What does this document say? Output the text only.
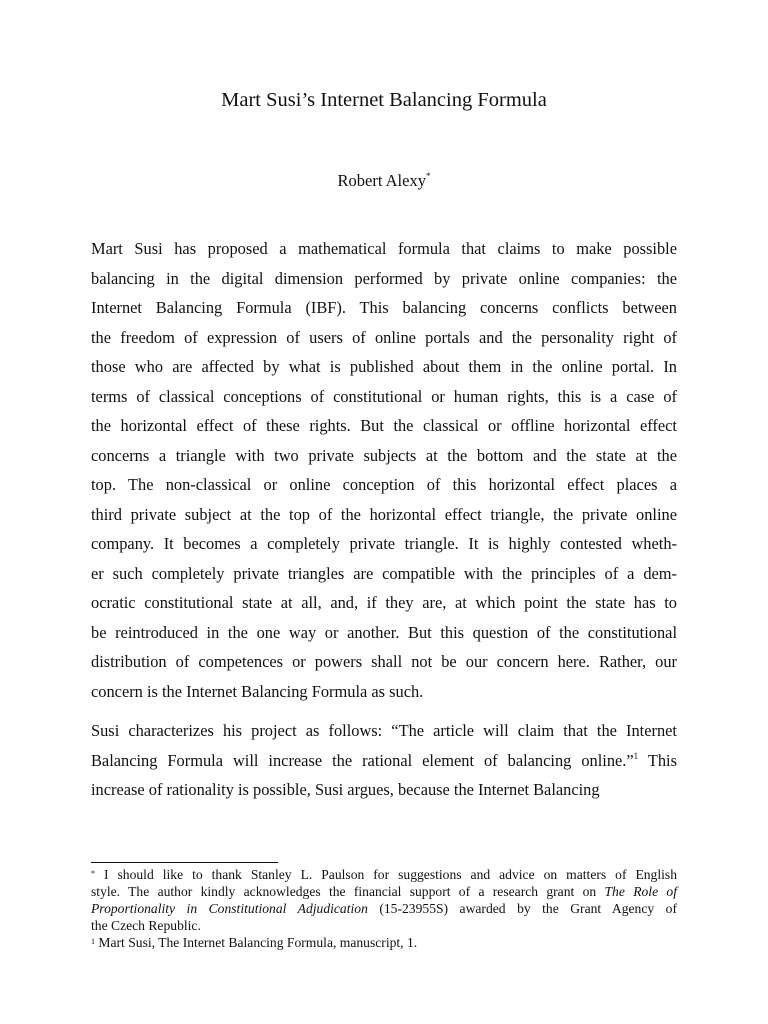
Mart Susi’s Internet Balancing Formula
Robert Alexy*
Mart Susi has proposed a mathematical formula that claims to make possible
balancing in the digital dimension performed by private online companies: the
Internet Balancing Formula (IBF). This balancing concerns conflicts between
the freedom of expression of users of online portals and the personality right of
those who are affected by what is published about them in the online portal. In
terms of classical conceptions of constitutional or human rights, this is a case of
the horizontal effect of these rights. But the classical or offline horizontal effect
concerns a triangle with two private subjects at the bottom and the state at the
top. The non-classical or online conception of this horizontal effect places a
third private subject at the top of the horizontal effect triangle, the private online
company. It becomes a completely private triangle. It is highly contested wheth-
er such completely private triangles are compatible with the principles of a dem-
ocratic constitutional state at all, and, if they are, at which point the state has to
be reintroduced in the one way or another. But this question of the constitutional
distribution of competences or powers shall not be our concern here. Rather, our
concern is the Internet Balancing Formula as such.
Susi characterizes his project as follows: “The article will claim that the Internet
Balancing Formula will increase the rational element of balancing online.”$^1$ This
increase of rationality is possible, Susi argues, because the Internet Balancing
* I should like to thank Stanley L. Paulson for suggestions and advice on matters of English
style. The author kindly acknowledges the financial support of a research grant on The Role of
Proportionality in Constitutional Adjudication (15-23955S) awarded by the Grant Agency of
the Czech Republic.
$^1$ Mart Susi, The Internet Balancing Formula, manuscript, 1.
